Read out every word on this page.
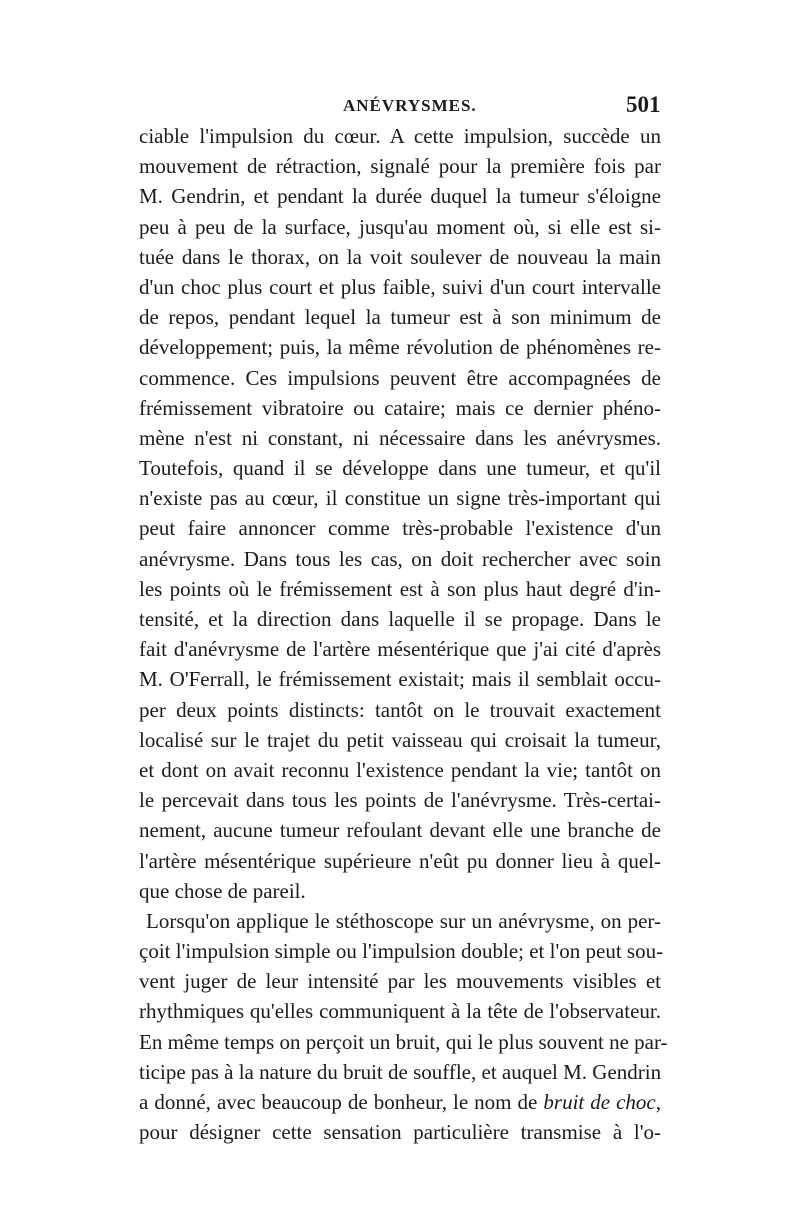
ANÉVRYSMES.	501
ciable l'impulsion du cœur. A cette impulsion, succède un
mouvement de rétraction, signalé pour la première fois par
M. Gendrin, et pendant la durée duquel la tumeur s'éloigne
peu à peu de la surface, jusqu'au moment où, si elle est si-
tuée dans le thorax, on la voit soulever de nouveau la main
d'un choc plus court et plus faible, suivi d'un court intervalle
de repos, pendant lequel la tumeur est à son minimum de
développement; puis, la même révolution de phénomènes re-
commence. Ces impulsions peuvent être accompagnées de
frémissement vibratoire ou cataire; mais ce dernier phéno-
mène n'est ni constant, ni nécessaire dans les anévrysmes.
Toutefois, quand il se développe dans une tumeur, et qu'il
n'existe pas au cœur, il constitue un signe très-important qui
peut faire annoncer comme très-probable l'existence d'un
anévrysme. Dans tous les cas, on doit rechercher avec soin
les points où le frémissement est à son plus haut degré d'in-
tensité, et la direction dans laquelle il se propage. Dans le
fait d'anévrysme de l'artère mésentérique que j'ai cité d'après
M. O'Ferrall, le frémissement existait; mais il semblait occu-
per deux points distincts: tantôt on le trouvait exactement
localisé sur le trajet du petit vaisseau qui croisait la tumeur,
et dont on avait reconnu l'existence pendant la vie; tantôt on
le percevait dans tous les points de l'anévrysme. Très-certai-
nement, aucune tumeur refoulant devant elle une branche de
l'artère mésentérique supérieure n'eût pu donner lieu à quel-
que chose de pareil.
Lorsqu'on applique le stéthoscope sur un anévrysme, on per-
çoit l'impulsion simple ou l'impulsion double; et l'on peut sou-
vent juger de leur intensité par les mouvements visibles et
rhythmiques qu'elles communiquent à la tête de l'observateur.
En même temps on perçoit un bruit, qui le plus souvent ne par-
ticipe pas à la nature du bruit de souffle, et auquel M. Gendrin
a donné, avec beaucoup de bonheur, le nom de bruit de choc,
pour désigner cette sensation particulière transmise à l'o-
